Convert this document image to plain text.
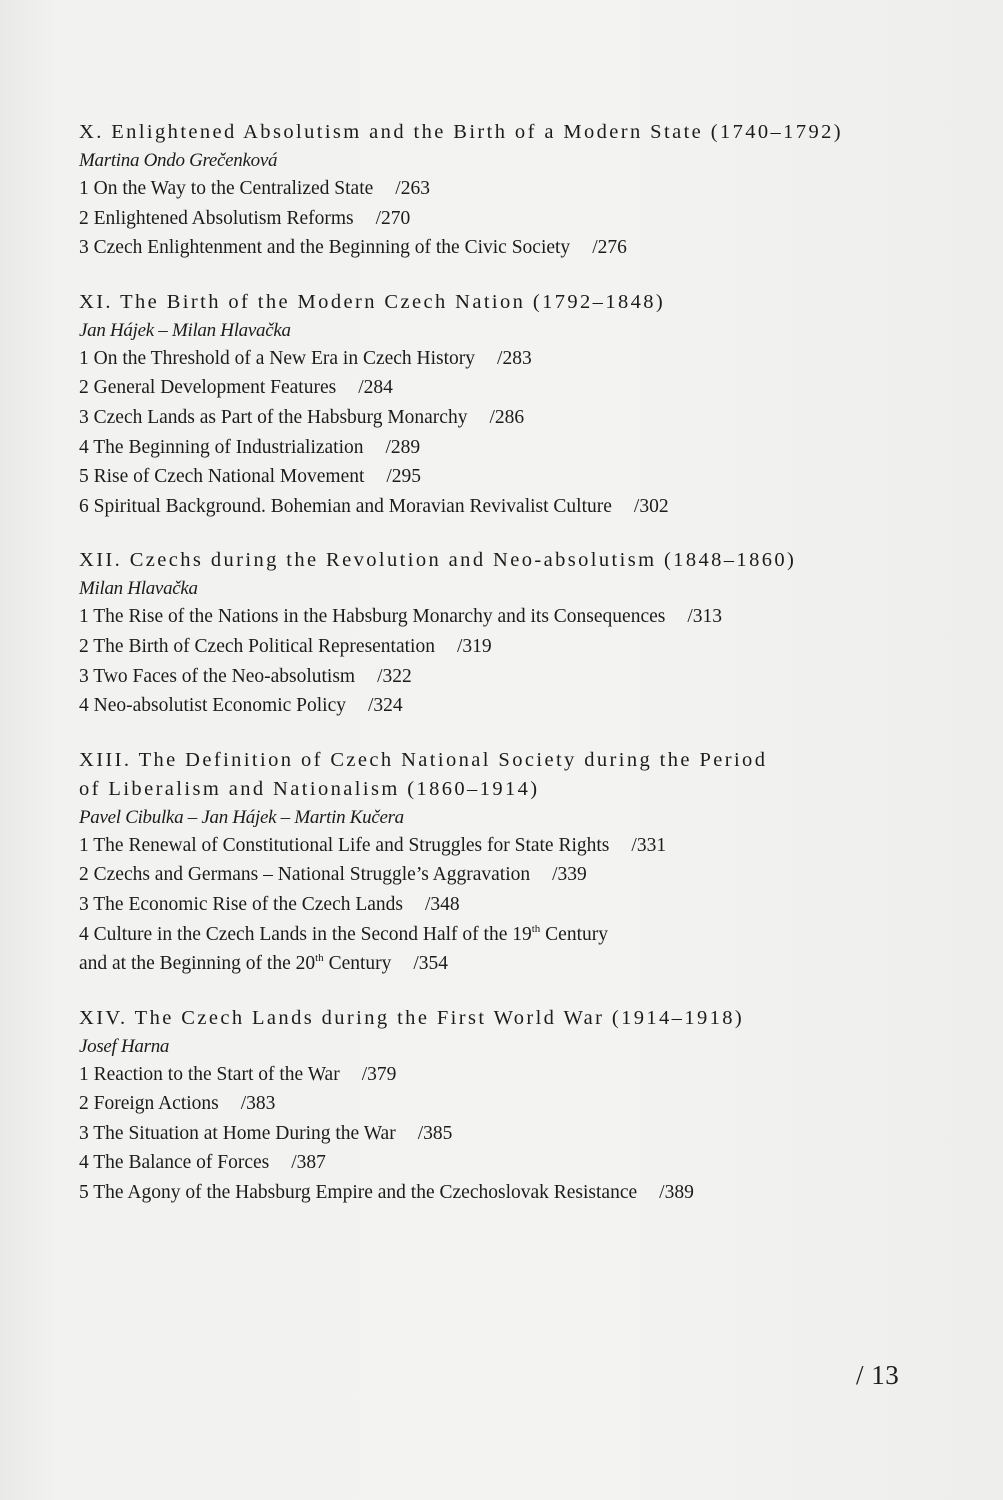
X. Enlightened Absolutism and the Birth of a Modern State (1740–1792)

Martina Ondo Grečenková

1 On the Way to the Centralized State /263

2 Enlightened Absolutism Reforms /270

3 Czech Enlightenment and the Beginning of the Civic Society /276

XI. The Birth of the Modern Czech Nation (1792–1848)

Jan Hájek – Milan Hlavačka

1 On the Threshold of a New Era in Czech History /283

2 General Development Features /284

3 Czech Lands as Part of the Habsburg Monarchy /286

4 The Beginning of Industrialization /289

5 Rise of Czech National Movement /295

6 Spiritual Background. Bohemian and Moravian Revivalist Culture /302

XII. Czechs during the Revolution and Neo-absolutism (1848–1860)

Milan Hlavačka

1 The Rise of the Nations in the Habsburg Monarchy and its Consequences /313

2 The Birth of Czech Political Representation /319

3 Two Faces of the Neo-absolutism /322

4 Neo-absolutist Economic Policy /324

XIII. The Definition of Czech National Society during the Period

of Liberalism and Nationalism (1860–1914)

Pavel Cibulka – Jan Hájek – Martin Kučera

1 The Renewal of Constitutional Life and Struggles for State Rights /331

2 Czechs and Germans – National Struggle’s Aggravation /339

3 The Economic Rise of the Czech Lands /348

4 Culture in the Czech Lands in the Second Half of the 19th Century

and at the Beginning of the 20th Century /354

XIV. The Czech Lands during the First World War (1914–1918)

Josef Harna

1 Reaction to the Start of the War /379

2 Foreign Actions /383

3 The Situation at Home During the War /385

4 The Balance of Forces /387

5 The Agony of the Habsburg Empire and the Czechoslovak Resistance /389

/ 13
